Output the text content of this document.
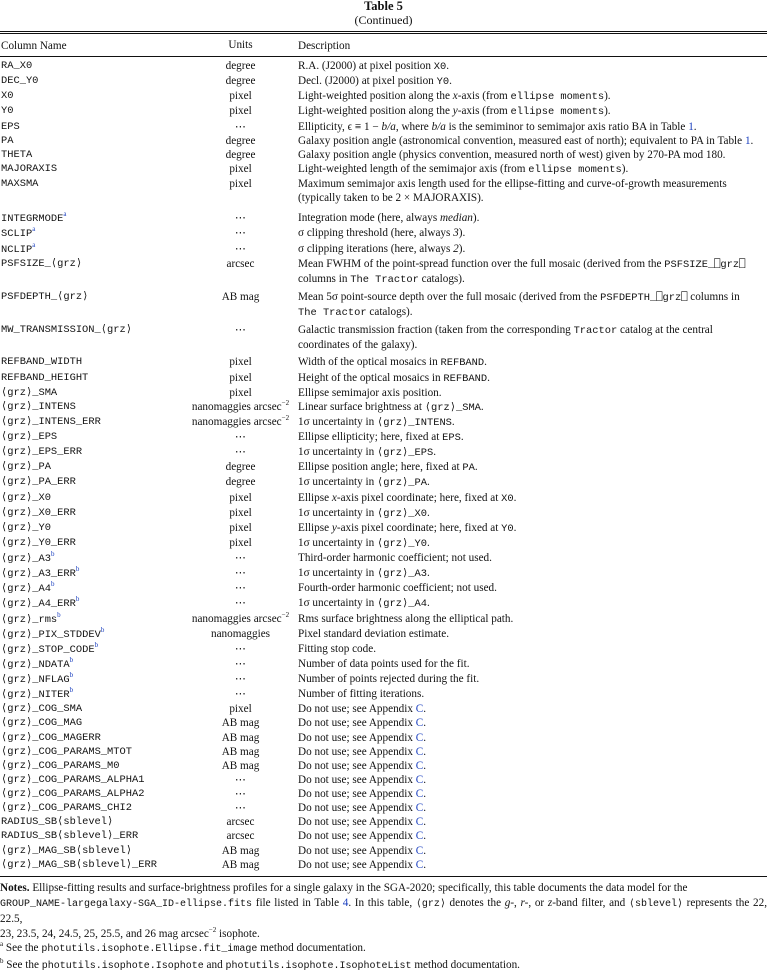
Table 5
(Continued)
Column Name	Units	Description

RA_X0	degree	R.A. (J2000) at pixel position X0.
DEC_Y0	degree	Decl. (J2000) at pixel position Y0.
X0	pixel	Light-weighted position along the x-axis (from ellipse moments).
Y0	pixel	Light-weighted position along the y-axis (from ellipse moments).
EPS	⋯	Ellipticity, ϵ ≡ 1 − b/a, where b/a is the semiminor to semimajor axis ratio BA in Table 1.
PA	degree	Galaxy position angle (astronomical convention, measured east of north); equivalent to PA in Table 1.
THETA	degree	Galaxy position angle (physics convention, measured north of west) given by 270-PA mod 180.
MAJORAXIS	pixel	Light-weighted length of the semimajor axis (from ellipse moments).
MAXSMA	pixel	Maximum semimajor axis length used for the ellipse-fitting and curve-of-growth measurements
(typically taken to be 2 × MAJORAXIS).

INTEGRMODE$^a$	⋯	Integration mode (here, always median).
SCLIP$^a$	⋯	σ clipping threshold (here, always 3).
NCLIP$^a$	⋯	σ clipping iterations (here, always 2).
PSFSIZE_⟨grz⟩	arcsec	Mean FWHM of the point-spread function over the full mosaic (derived from the PSFSIZE_⎕grz⎕
columns in The Tractor catalogs).

PSFDEPTH_⟨grz⟩	AB mag	Mean 5σ point-source depth over the full mosaic (derived from the PSFDEPTH_⎕grz⎕ columns in
The Tractor catalogs).

MW_TRANSMISSION_⟨grz⟩	⋯	Galactic transmission fraction (taken from the corresponding Tractor catalog at the central
coordinates of the galaxy).

REFBAND_WIDTH	pixel	Width of the optical mosaics in REFBAND.
REFBAND_HEIGHT	pixel	Height of the optical mosaics in REFBAND.
⟨grz⟩_SMA	pixel	Ellipse semimajor axis position.
⟨grz⟩_INTENS	nanomaggies arcsec$^{-2}$	Linear surface brightness at ⟨grz⟩_SMA.
⟨grz⟩_INTENS_ERR	nanomaggies arcsec$^{-2}$	1σ uncertainty in ⟨grz⟩_INTENS.
⟨grz⟩_EPS	⋯	Ellipse ellipticity; here, fixed at EPS.
⟨grz⟩_EPS_ERR	⋯	1σ uncertainty in ⟨grz⟩_EPS.
⟨grz⟩_PA	degree	Ellipse position angle; here, fixed at PA.
⟨grz⟩_PA_ERR	degree	1σ uncertainty in ⟨grz⟩_PA.
⟨grz⟩_X0	pixel	Ellipse x-axis pixel coordinate; here, fixed at X0.
⟨grz⟩_X0_ERR	pixel	1σ uncertainty in ⟨grz⟩_X0.
⟨grz⟩_Y0	pixel	Ellipse y-axis pixel coordinate; here, fixed at Y0.
⟨grz⟩_Y0_ERR	pixel	1σ uncertainty in ⟨grz⟩_Y0.
⟨grz⟩_A3$^b$	⋯	Third-order harmonic coefficient; not used.
⟨grz⟩_A3_ERR$^b$	⋯	1σ uncertainty in ⟨grz⟩_A3.
⟨grz⟩_A4$^b$	⋯	Fourth-order harmonic coefficient; not used.
⟨grz⟩_A4_ERR$^b$	⋯	1σ uncertainty in ⟨grz⟩_A4.
⟨grz⟩_rms$^b$	nanomaggies arcsec$^{-2}$	Rms surface brightness along the elliptical path.
⟨grz⟩_PIX_STDDEV$^b$	nanomaggies	Pixel standard deviation estimate.
⟨grz⟩_STOP_CODE$^b$	⋯	Fitting stop code.
⟨grz⟩_NDATA$^b$	⋯	Number of data points used for the fit.
⟨grz⟩_NFLAG$^b$	⋯	Number of points rejected during the fit.
⟨grz⟩_NITER$^b$	⋯	Number of fitting iterations.
⟨grz⟩_COG_SMA	pixel	Do not use; see Appendix C.
⟨grz⟩_COG_MAG	AB mag	Do not use; see Appendix C.
⟨grz⟩_COG_MAGERR	AB mag	Do not use; see Appendix C.
⟨grz⟩_COG_PARAMS_MTOT	AB mag	Do not use; see Appendix C.
⟨grz⟩_COG_PARAMS_M0	AB mag	Do not use; see Appendix C.
⟨grz⟩_COG_PARAMS_ALPHA1	⋯	Do not use; see Appendix C.
⟨grz⟩_COG_PARAMS_ALPHA2	⋯	Do not use; see Appendix C.
⟨grz⟩_COG_PARAMS_CHI2	⋯	Do not use; see Appendix C.
RADIUS_SB⟨sblevel⟩	arcsec	Do not use; see Appendix C.
RADIUS_SB⟨sblevel⟩_ERR	arcsec	Do not use; see Appendix C.
⟨grz⟩_MAG_SB⟨sblevel⟩	AB mag	Do not use; see Appendix C.
⟨grz⟩_MAG_SB⟨sblevel⟩_ERR	AB mag	Do not use; see Appendix C.

Notes. Ellipse-fitting results and surface-brightness profiles for a single galaxy in the SGA-2020; specifically, this table documents the data model for the
GROUP_NAME-largegalaxy-SGA_ID-ellipse.fits file listed in Table 4. In this table, ⟨grz⟩ denotes the g-, r-, or z-band filter, and ⟨sblevel⟩ represents the 22, 22.5,
23, 23.5, 24, 24.5, 25, 25.5, and 26 mag arcsec$^{-2}$ isophote.

$^a$ See the photutils.isophote.Ellipse.fit_image method documentation.

$^b$ See the photutils.isophote.Isophote and photutils.isophote.IsophoteList method documentation.
